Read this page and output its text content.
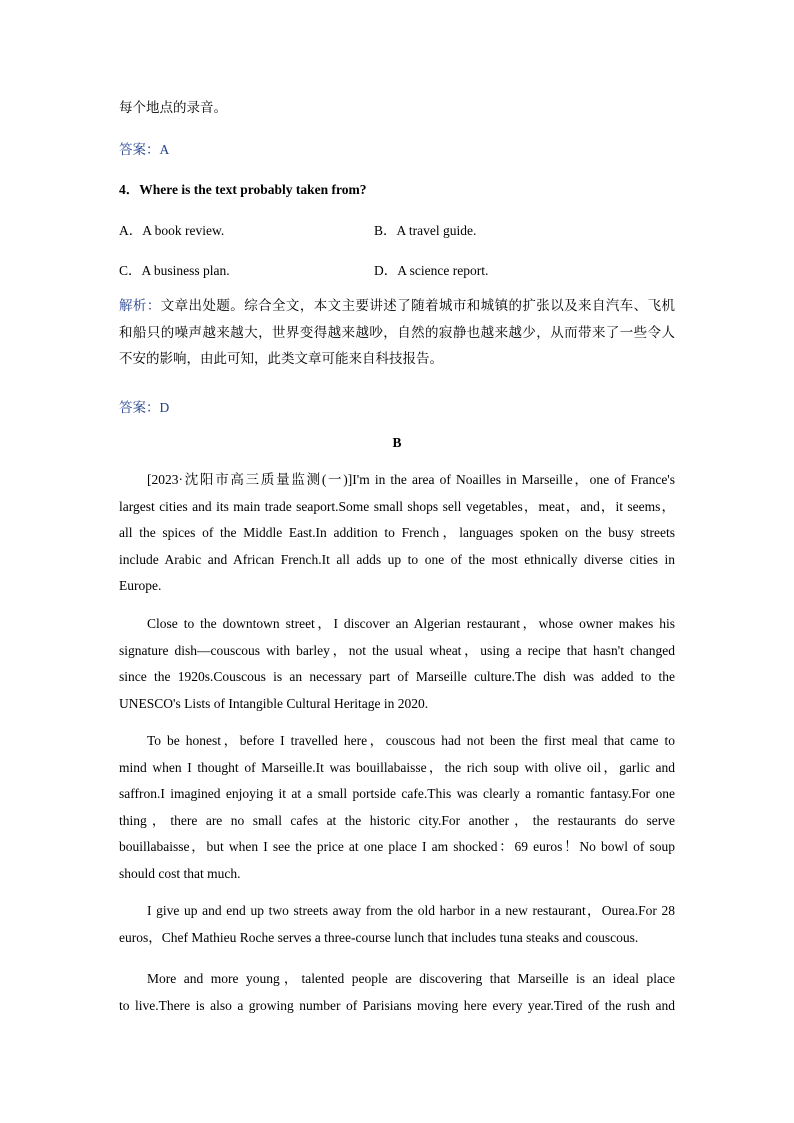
每个地点的录音。
答案：A
4．Where is the text probably taken from?
A．A book review.	B．A travel guide.
C．A business plan.	D．A science report.
解析：文章出处题。综合全文，本文主要讲述了随着城市和城镇的扩张以及来自汽车、飞机
和船只的噪声越来越大，世界变得越来越吵，自然的寂静也越来越少，从而带来了一些令人
不安的影响，由此可知，此类文章可能来自科技报告。
答案：D
B
[2023·沈阳市高三质量监测(一)]I'm in the area of Noailles in Marseille，one of France's
largest cities and its main trade seaport.Some small shops sell vegetables，meat，and，it seems，
all the spices of the Middle East.In addition to French，languages spoken on the busy streets
include Arabic and African French.It all adds up to one of the most ethnically diverse cities in
Europe.
Close to the downtown street，I discover an Algerian restaurant，whose owner makes his
signature dish—couscous with barley，not the usual wheat，using a recipe that hasn't changed
since the 1920s.Couscous is an necessary part of Marseille culture.The dish was added to the
UNESCO's Lists of Intangible Cultural Heritage in 2020.
To be honest，before I travelled here，couscous had not been the first meal that came to
mind when I thought of Marseille.It was bouillabaisse，the rich soup with olive oil，garlic and
saffron.I imagined enjoying it at a small portside cafe.This was clearly a romantic fantasy.For one
thing，there are no small cafes at the historic city.For another，the restaurants do serve
bouillabaisse，but when I see the price at one place I am shocked：69 euros！No bowl of soup
should cost that much.
I give up and end up two streets away from the old harbor in a new restaurant，Ourea.For 28
euros，Chef Mathieu Roche serves a three-course lunch that includes tuna steaks and couscous.
More and more young，talented people are discovering that Marseille is an ideal place
to live.There is also a growing number of Parisians moving here every year.Tired of the rush and
